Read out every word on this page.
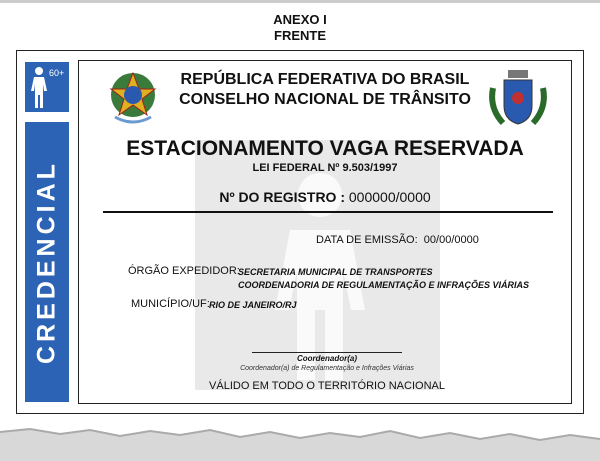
ANEXO I
FRENTE
60+
CREDENCIAL
REPÚBLICA FEDERATIVA DO BRASIL
CONSELHO NACIONAL DE TRÂNSITO
ESTACIONAMENTO VAGA RESERVADA
LEI FEDERAL Nº 9.503/1997
Nº DO REGISTRO : 000000/0000
DATA DE EMISSÃO: 00/00/0000
ÓRGÃO EXPEDIDOR:
SECRETARIA MUNICIPAL DE TRANSPORTES
COORDENADORIA DE REGULAMENTAÇÃO E INFRAÇÕES VIÁRIAS
MUNICÍPIO/UF: RIO DE JANEIRO/RJ
Coordenador(a)
Coordenador(a) de Regulamentação e Infrações Viárias
VÁLIDO EM TODO O TERRITÓRIO NACIONAL
